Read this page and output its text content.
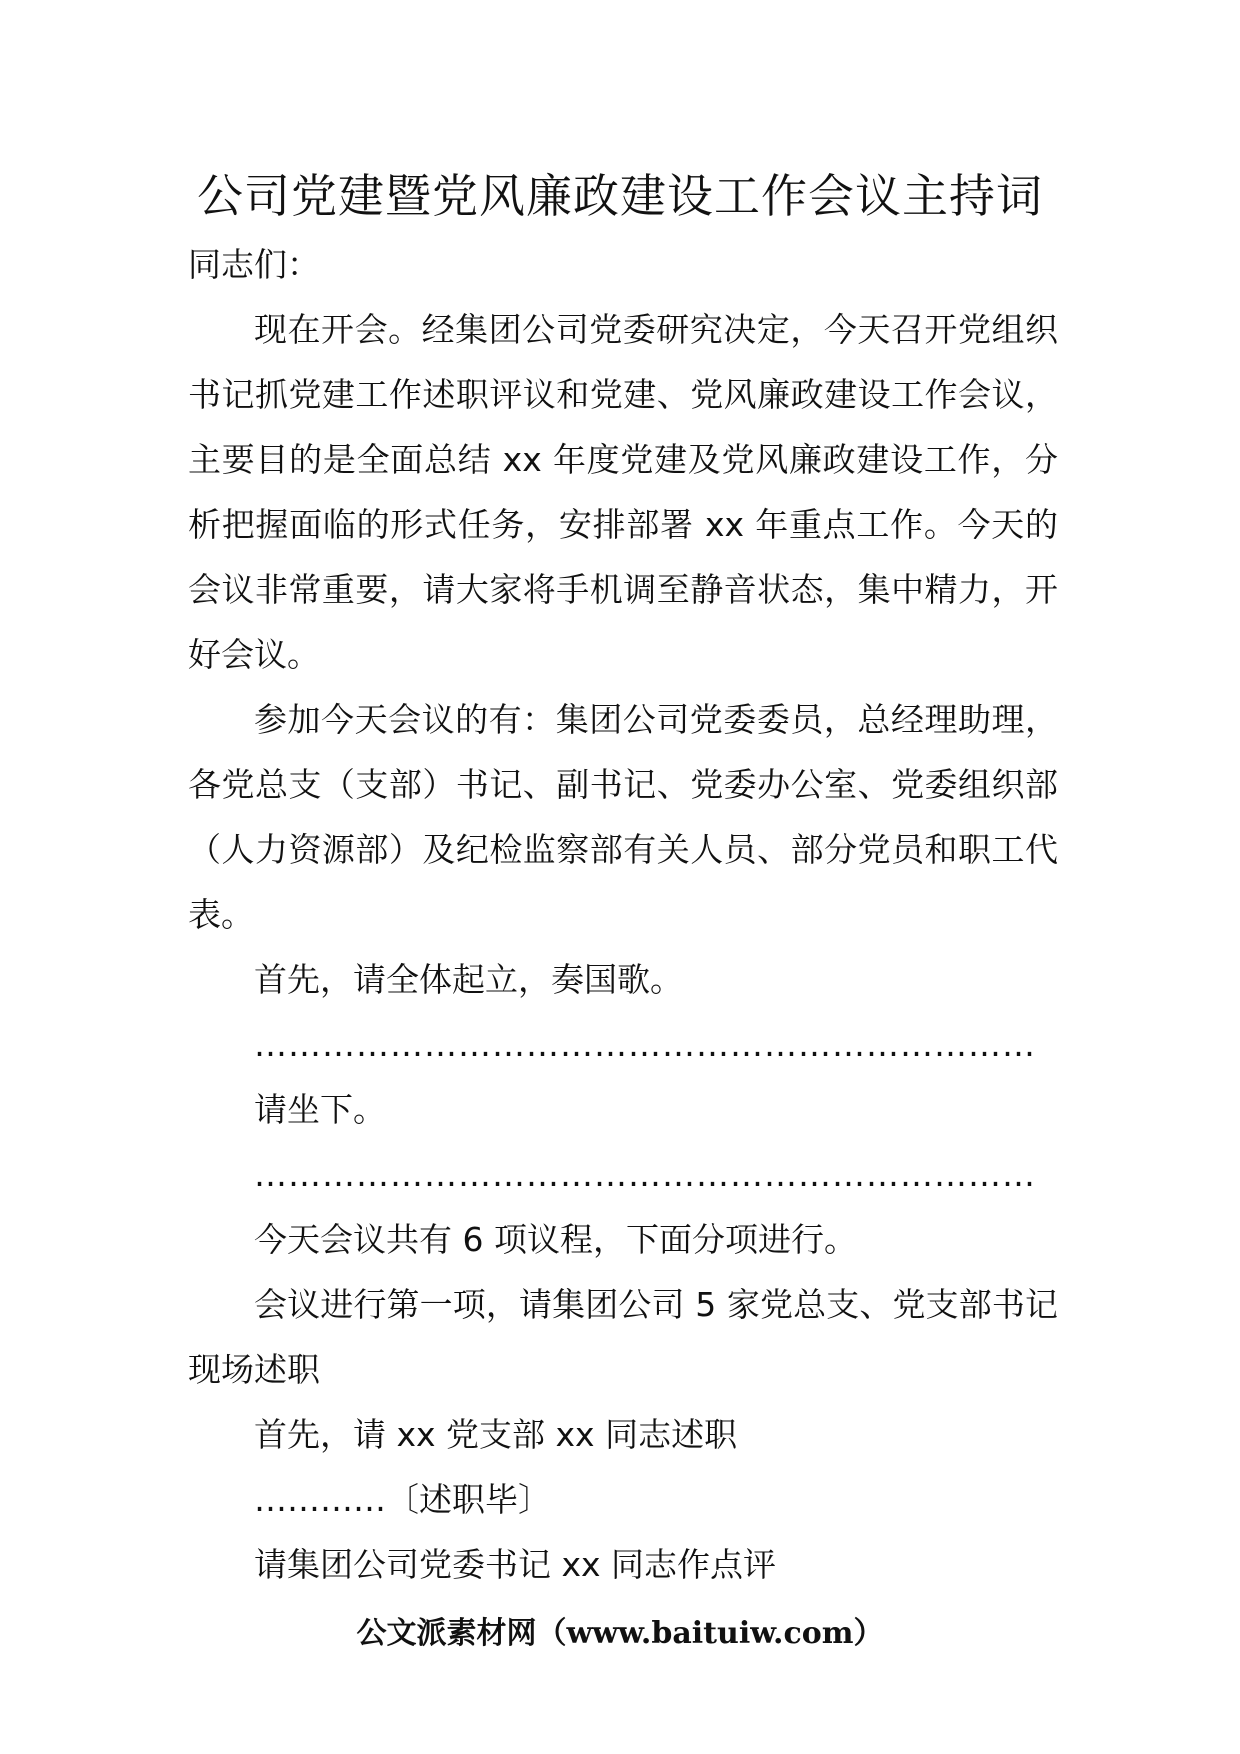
公司党建暨党风廉政建设工作会议主持词

同志们：

现在开会。经集团公司党委研究决定，今天召开党组织书记抓党建工作述职评议和党建、党风廉政建设工作会议，主要目的是全面总结 xx 年度党建及党风廉政建设工作，分析把握面临的形式任务，安排部署 xx 年重点工作。今天的会议非常重要，请大家将手机调至静音状态，集中精力，开好会议。

参加今天会议的有：集团公司党委委员，总经理助理，各党总支（支部）书记、副书记、党委办公室、党委组织部（人力资源部）及纪检监察部有关人员、部分党员和职工代表。

首先，请全体起立，奏国歌。

……………………………………………………………

请坐下。

……………………………………………………………

今天会议共有 6 项议程，下面分项进行。

会议进行第一项，请集团公司 5 家党总支、党支部书记现场述职

首先，请 xx 党支部 xx 同志述职

…………〔述职毕〕

请集团公司党委书记 xx 同志作点评

公文派素材网（www.baituiw.com）
